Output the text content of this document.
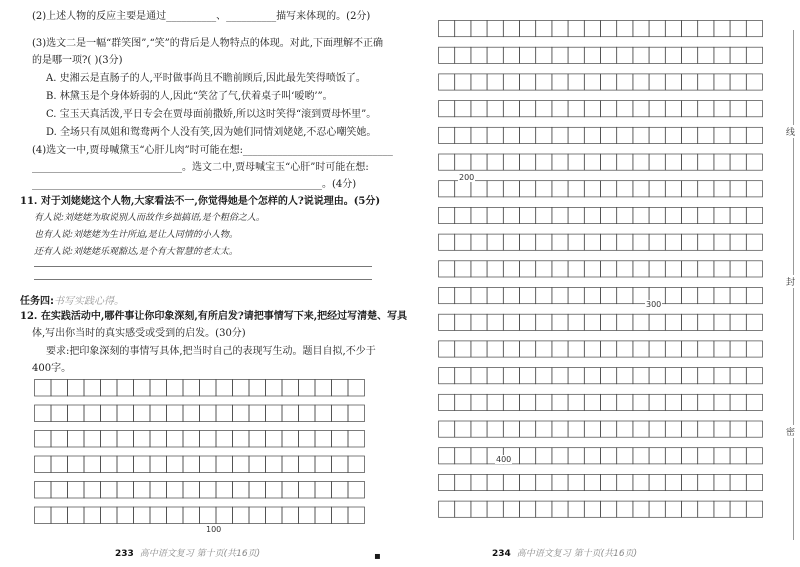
(2)上述人物的反应主要是通过__________、__________描写来体现的。(2分)
(3)选文二是一幅“群笑图”,“笑”的背后是人物特点的体现。对此,下面理解不正确
的是哪一项?( )(3分)
A. 史湘云是直肠子的人,平时做事尚且不瞻前顾后,因此最先笑得喷饭了。
B. 林黛玉是个身体娇弱的人,因此“笑岔了气,伏着桌子叫‘嗳哟’”。
C. 宝玉天真活泼,平日专会在贾母面前撒娇,所以这时笑得“滚到贾母怀里”。
D. 全场只有凤姐和鸳鸯两个人没有笑,因为她们同情刘姥姥,不忍心嘲笑她。
(4)选文一中,贾母喊黛玉“心肝儿肉”时可能在想:______________________________
______________________________。选文二中,贾母喊宝玉“心肝”时可能在想:
__________________________________________________________。(4分)
11. 对于刘姥姥这个人物,大家看法不一,你觉得她是个怎样的人?说说理由。(5分)
有人说:刘姥姥为取说别人而故作乡拙搞语,是个粗俗之人。
也有人说:刘姥姥为生计所迫,是让人同情的小人物。
还有人说:刘姥姥乐观豁达,是个有大智慧的老太太。
任务四:书写实践心得。
12. 在实践活动中,哪件事让你印象深刻,有所启发?请把事情写下来,把经过写清楚、写具
体,写出你当时的真实感受或受到的启发。(30分)
要求:把印象深刻的事情写具体,把当时自己的表现写生动。题目自拟,不少于
400字。
100
233 高中语文复习 第十页(共16页)	▪
200
300
400
234 高中语文复习 第十页(共16页)
线
封
密
